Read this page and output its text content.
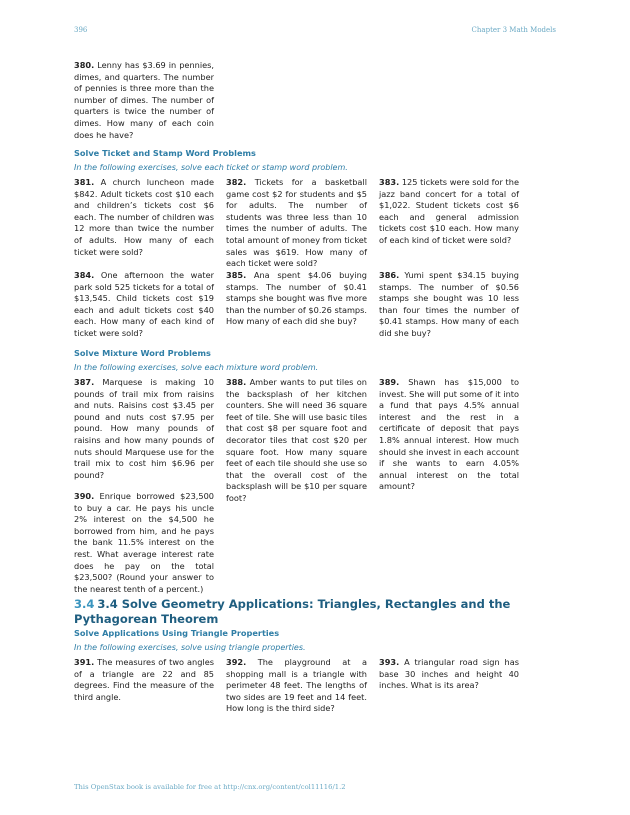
396	Chapter 3 Math Models
380. Lenny has $3.69 in pennies, dimes, and quarters. The number of pennies is three more than the number of dimes. The number of quarters is twice the number of dimes. How many of each coin does he have?
Solve Ticket and Stamp Word Problems
In the following exercises, solve each ticket or stamp word problem.
381. A church luncheon made $842. Adult tickets cost $10 each and children’s tickets cost $6 each. The number of children was 12 more than twice the number of adults. How many of each ticket were sold?
382. Tickets for a basketball game cost $2 for students and $5 for adults. The number of students was three less than 10 times the number of adults. The total amount of money from ticket sales was $619. How many of each ticket were sold?
383. 125 tickets were sold for the jazz band concert for a total of $1,022. Student tickets cost $6 each and general admission tickets cost $10 each. How many of each kind of ticket were sold?
384. One afternoon the water park sold 525 tickets for a total of $13,545. Child tickets cost $19 each and adult tickets cost $40 each. How many of each kind of ticket were sold?
385. Ana spent $4.06 buying stamps. The number of $0.41 stamps she bought was five more than the number of $0.26 stamps. How many of each did she buy?
386. Yumi spent $34.15 buying stamps. The number of $0.56 stamps she bought was 10 less than four times the number of $0.41 stamps. How many of each did she buy?
Solve Mixture Word Problems
In the following exercises, solve each mixture word problem.
387. Marquese is making 10 pounds of trail mix from raisins and nuts. Raisins cost $3.45 per pound and nuts cost $7.95 per pound. How many pounds of raisins and how many pounds of nuts should Marquese use for the trail mix to cost him $6.96 per pound?
388. Amber wants to put tiles on the backsplash of her kitchen counters. She will need 36 square feet of tile. She will use basic tiles that cost $8 per square foot and decorator tiles that cost $20 per square foot. How many square feet of each tile should she use so that the overall cost of the backsplash will be $10 per square foot?
389. Shawn has $15,000 to invest. She will put some of it into a fund that pays 4.5% annual interest and the rest in a certificate of deposit that pays 1.8% annual interest. How much should she invest in each account if she wants to earn 4.05% annual interest on the total amount?
390. Enrique borrowed $23,500 to buy a car. He pays his uncle 2% interest on the $4,500 he borrowed from him, and he pays the bank 11.5% interest on the rest. What average interest rate does he pay on the total $23,500? (Round your answer to the nearest tenth of a percent.)
3.4 3.4 Solve Geometry Applications: Triangles, Rectangles and the Pythagorean Theorem
Solve Applications Using Triangle Properties
In the following exercises, solve using triangle properties.
391. The measures of two angles of a triangle are 22 and 85 degrees. Find the measure of the third angle.
392. The playground at a shopping mall is a triangle with perimeter 48 feet. The lengths of two sides are 19 feet and 14 feet. How long is the third side?
393. A triangular road sign has base 30 inches and height 40 inches. What is its area?
This OpenStax book is available for free at http://cnx.org/content/col11116/1.2
